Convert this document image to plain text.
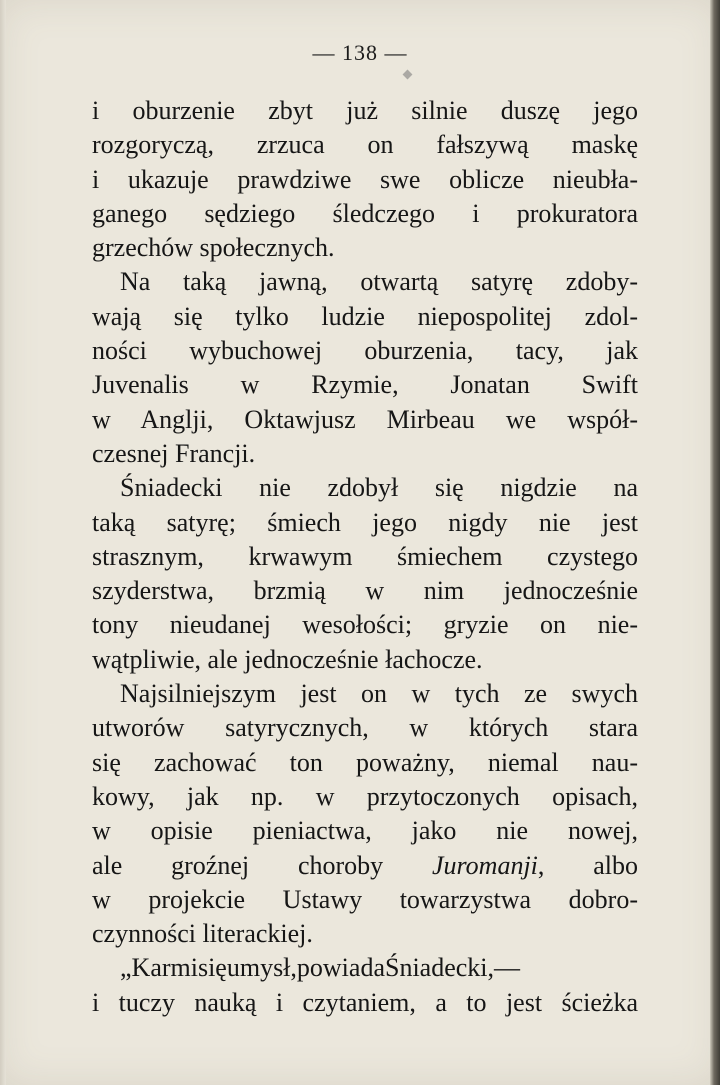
— 138 —
i oburzenie zbyt już silnie duszę jego
rozgoryczą, zrzuca on fałszywą maskę
i ukazuje prawdziwe swe oblicze nieubła-
ganego sędziego śledczego i prokuratora
grzechów społecznych.
Na taką jawną, otwartą satyrę zdoby-
wają się tylko ludzie niepospolitej zdol-
ności wybuchowej oburzenia, tacy, jak
Juvenalis w Rzymie, Jonatan Swift
w Anglji, Oktawjusz Mirbeau we współ-
czesnej Francji.
Śniadecki nie zdobył się nigdzie na
taką satyrę; śmiech jego nigdy nie jest
strasznym, krwawym śmiechem czystego
szyderstwa, brzmią w nim jednocześnie
tony nieudanej wesołości; gryzie on nie-
wątpliwie, ale jednocześnie łachocze.
Najsilniejszym jest on w tych ze swych
utworów satyrycznych, w których stara
się zachować ton poważny, niemal nau-
kowy, jak np. w przytoczonych opisach,
w opisie pieniactwa, jako nie nowej,
ale groźnej choroby Juromanji, albo
w projekcie Ustawy towarzystwa dobro-
czynności literackiej.
„Karmisięumysł,powiadaŚniadecki,—
i tuczy nauką i czytaniem, a to jest ścieżka
